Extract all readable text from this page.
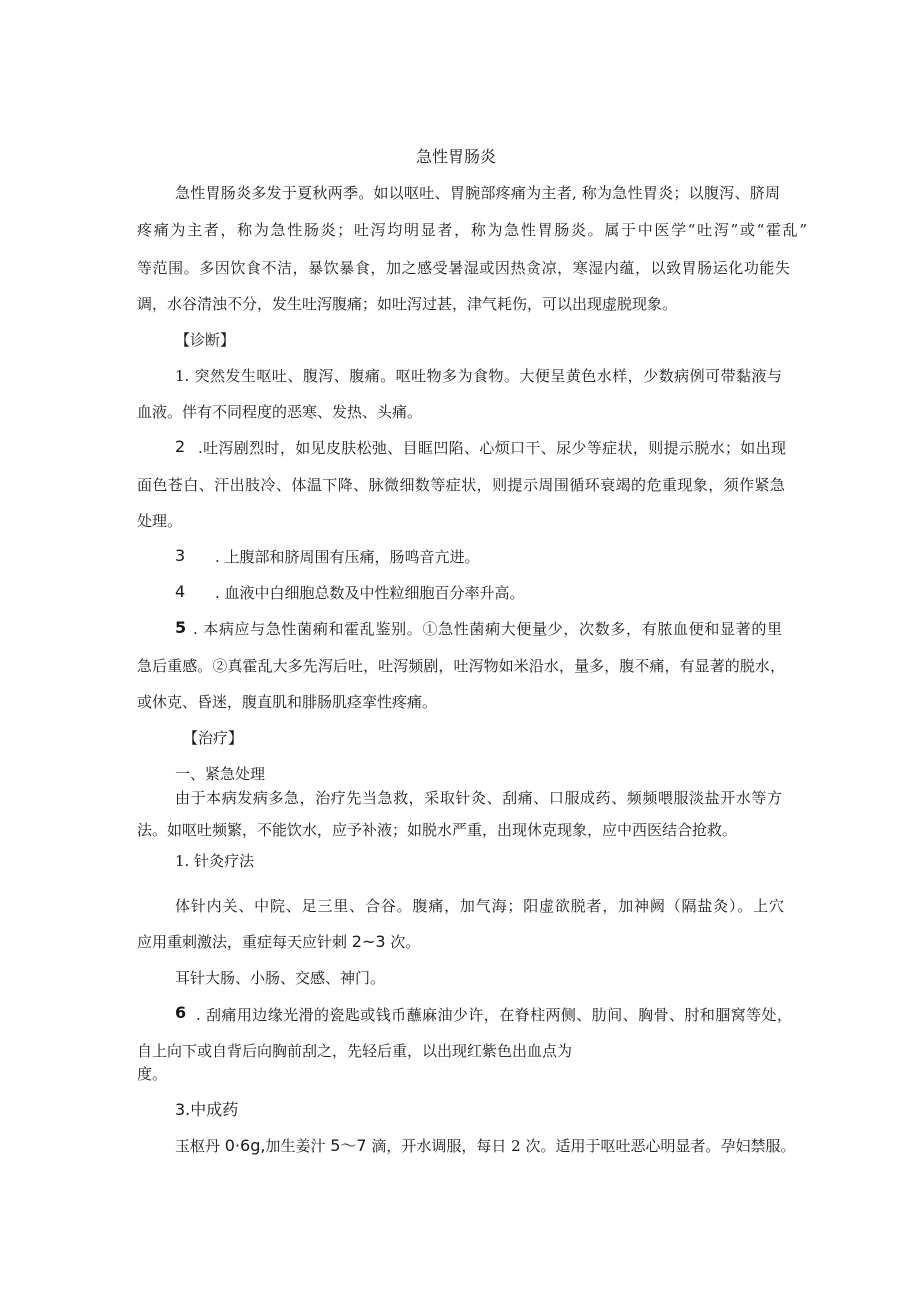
急性胃肠炎
急性胃肠炎多发于夏秋两季。如以呕吐、胃腕部疼痛为主者, 称为急性胃炎；以腹泻、脐周
疼痛为主者，称为急性肠炎；吐泻均明显者，称为急性胃肠炎。属于中医学“吐泻”或“霍乱”
等范围。多因饮食不洁，暴饮暴食，加之感受暑湿或因热贪凉，寒湿内蕴，以致胃肠运化功能失
调，水谷清浊不分，发生吐泻腹痛；如吐泻过甚，津气耗伤，可以出现虚脱现象。
【诊断】
1. 突然发生呕吐、腹泻、腹痛。呕吐物多为食物。大便呈黄色水样，少数病例可带黏液与
血液。伴有不同程度的恶寒、发热、头痛。
2 .吐泻剧烈时，如见皮肤松弛、目眶凹陷、心烦口干、尿少等症状，则提示脱水；如出现
面色苍白、汗出肢冷、体温下降、脉微细数等症状，则提示周围循环衰竭的危重现象，须作紧急
处理。
3 . 上腹部和脐周围有压痛，肠鸣音亢进。
4 . 血液中白细胞总数及中性粒细胞百分率升高。
5 . 本病应与急性菌痢和霍乱鉴别。①急性菌痢大便量少，次数多，有脓血便和显著的里
急后重感。②真霍乱大多先泻后吐，吐泻频剧，吐泻物如米沿水，量多，腹不痛，有显著的脱水，
或休克、昏迷，腹直肌和腓肠肌痉挛性疼痛。
【治疗】
一、紧急处理
由于本病发病多急，治疗先当急救，采取针灸、刮痛、口服成药、频频喂服淡盐开水等方
法。如呕吐频繁，不能饮水，应予补液；如脱水严重，出现休克现象，应中西医结合抢救。
1. 针灸疗法
体针内关、中院、足三里、合谷。腹痛，加气海；阳虚欲脱者，加神阙（隔盐灸）。上穴
应用重刺激法，重症每天应针刺 2~3 次。
耳针大肠、小肠、交感、神门。
6 . 刮痛用边缘光滑的瓷匙或钱币蘸麻油少许，在脊柱两侧、肋间、胸骨、肘和腘窝等处，
自上向下或自背后向胸前刮之，先轻后重，以出现红紫色出血点为
度。
3.中成药
玉枢丹 0·6g,加生姜汁 5～7 滴，开水调服，每日 2 次。适用于呕吐恶心明显者。孕妇禁服。
